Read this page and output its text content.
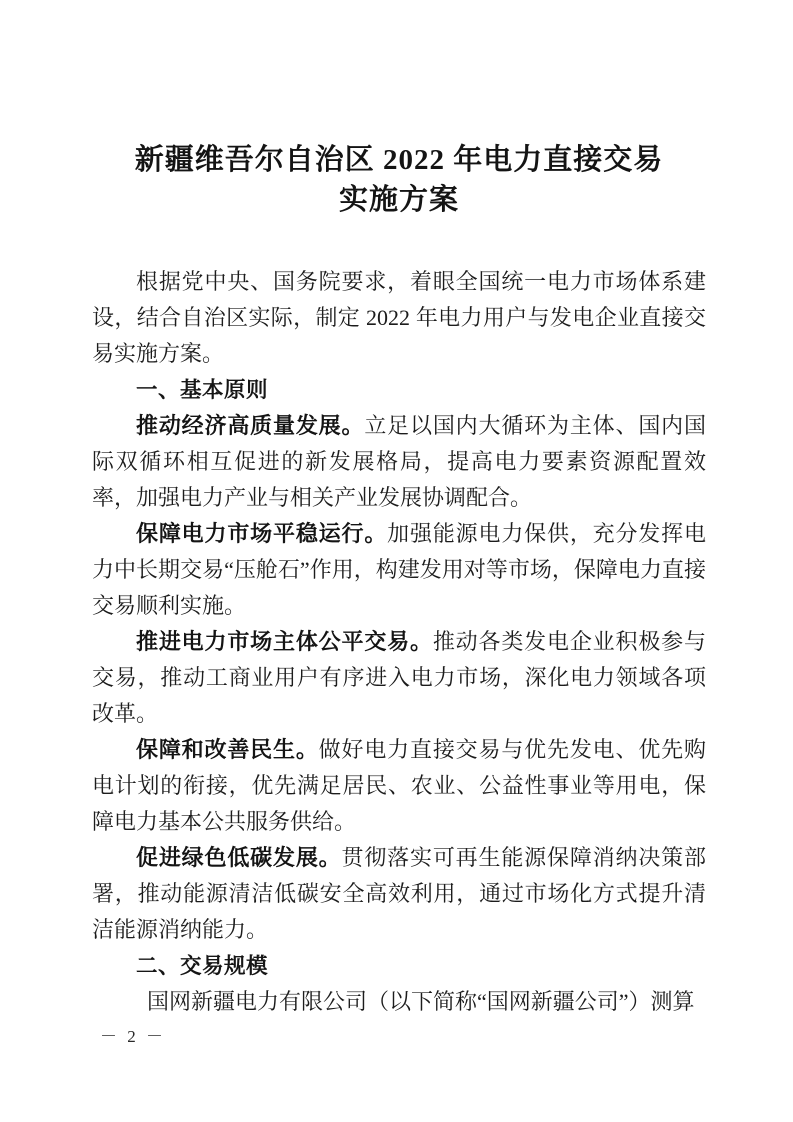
新疆维吾尔自治区 2022 年电力直接交易
实施方案

根据党中央、国务院要求，着眼全国统一电力市场体系建设，结合自治区实际，制定 2022 年电力用户与发电企业直接交易实施方案。

一、基本原则

推动经济高质量发展。立足以国内大循环为主体、国内国际双循环相互促进的新发展格局，提高电力要素资源配置效率，加强电力产业与相关产业发展协调配合。

保障电力市场平稳运行。加强能源电力保供，充分发挥电力中长期交易“压舱石”作用，构建发用对等市场，保障电力直接交易顺利实施。

推进电力市场主体公平交易。推动各类发电企业积极参与交易，推动工商业用户有序进入电力市场，深化电力领域各项改革。

保障和改善民生。做好电力直接交易与优先发电、优先购电计划的衔接，优先满足居民、农业、公益性事业等用电，保障电力基本公共服务供给。

促进绿色低碳发展。贯彻落实可再生能源保障消纳决策部署，推动能源清洁低碳安全高效利用，通过市场化方式提升清洁能源消纳能力。

二、交易规模

国网新疆电力有限公司（以下简称“国网新疆公司”）测算

－ 2 －
